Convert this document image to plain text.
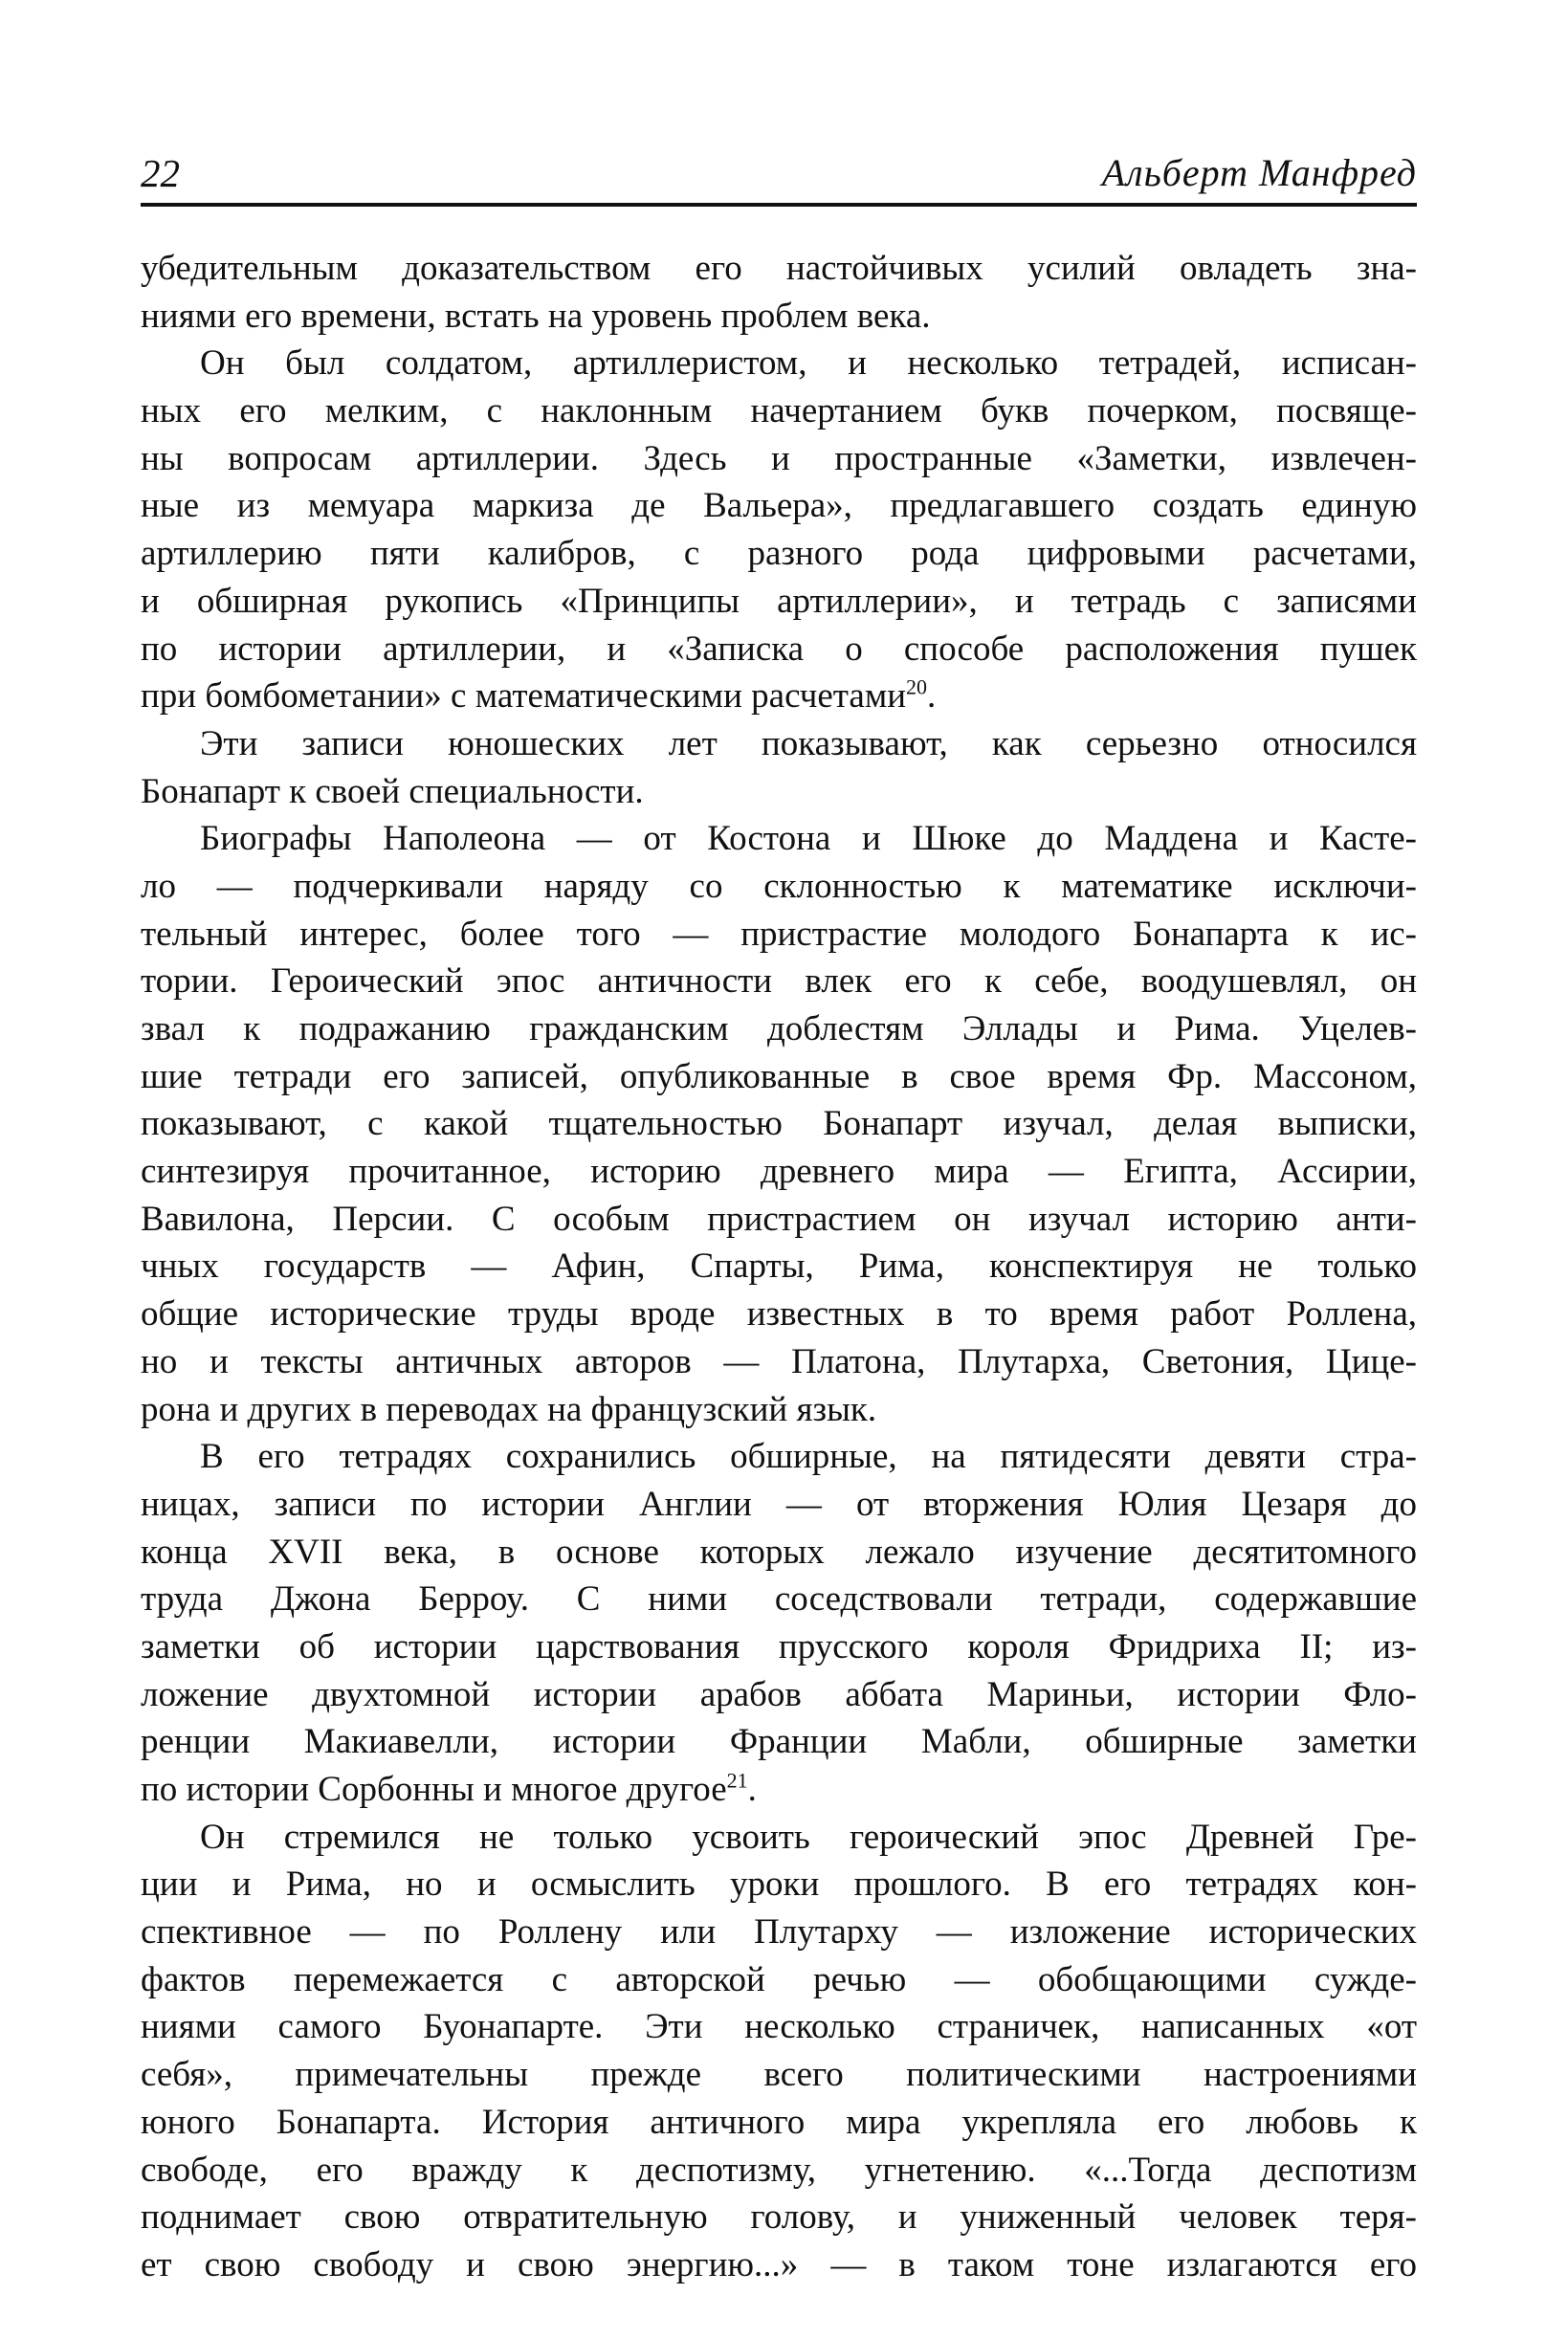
22	Альберт Манфред
убедительным доказательством его настойчивых усилий овладеть зна-
ниями его времени, встать на уровень проблем века.
Он был солдатом, артиллеристом, и несколько тетрадей, исписан-
ных его мелким, с наклонным начертанием букв почерком, посвяще-
ны вопросам артиллерии. Здесь и пространные «Заметки, извлечен-
ные из мемуара маркиза де Вальера», предлагавшего создать единую
артиллерию пяти калибров, с разного рода цифровыми расчетами,
и обширная рукопись «Принципы артиллерии», и тетрадь с записями
по истории артиллерии, и «Записка о способе расположения пушек
при бомбометании» с математическими расчетами$^{20}$.
Эти записи юношеских лет показывают, как серьезно относился
Бонапарт к своей специальности.
Биографы Наполеона — от Костона и Шюке до Маддена и Касте-
ло — подчеркивали наряду со склонностью к математике исключи-
тельный интерес, более того — пристрастие молодого Бонапарта к ис-
тории. Героический эпос античности влек его к себе, воодушевлял, он
звал к подражанию гражданским доблестям Эллады и Рима. Уцелев-
шие тетради его записей, опубликованные в свое время Фр. Массоном,
показывают, с какой тщательностью Бонапарт изучал, делая выписки,
синтезируя прочитанное, историю древнего мира — Египта, Ассирии,
Вавилона, Персии. С особым пристрастием он изучал историю анти-
чных государств — Афин, Спарты, Рима, конспектируя не только
общие исторические труды вроде известных в то время работ Роллена,
но и тексты античных авторов — Платона, Плутарха, Светония, Цице-
рона и других в переводах на французский язык.
В его тетрадях сохранились обширные, на пятидесяти девяти стра-
ницах, записи по истории Англии — от вторжения Юлия Цезаря до
конца XVII века, в основе которых лежало изучение десятитомного
труда Джона Берроу. С ними соседствовали тетради, содержавшие
заметки об истории царствования прусского короля Фридриха II; из-
ложение двухтомной истории арабов аббата Мариньи, истории Фло-
ренции Макиавелли, истории Франции Мабли, обширные заметки
по истории Сорбонны и многое другое$^{21}$.
Он стремился не только усвоить героический эпос Древней Гре-
ции и Рима, но и осмыслить уроки прошлого. В его тетрадях кон-
спективное — по Роллену или Плутарху — изложение исторических
фактов перемежается с авторской речью — обобщающими сужде-
ниями самого Буонапарте. Эти несколько страничек, написанных «от
себя», примечательны прежде всего политическими настроениями
юного Бонапарта. История античного мира укрепляла его любовь к
свободе, его вражду к деспотизму, угнетению. «...Тогда деспотизм
поднимает свою отвратительную голову, и униженный человек теря-
ет свою свободу и свою энергию...» — в таком тоне излагаются его
